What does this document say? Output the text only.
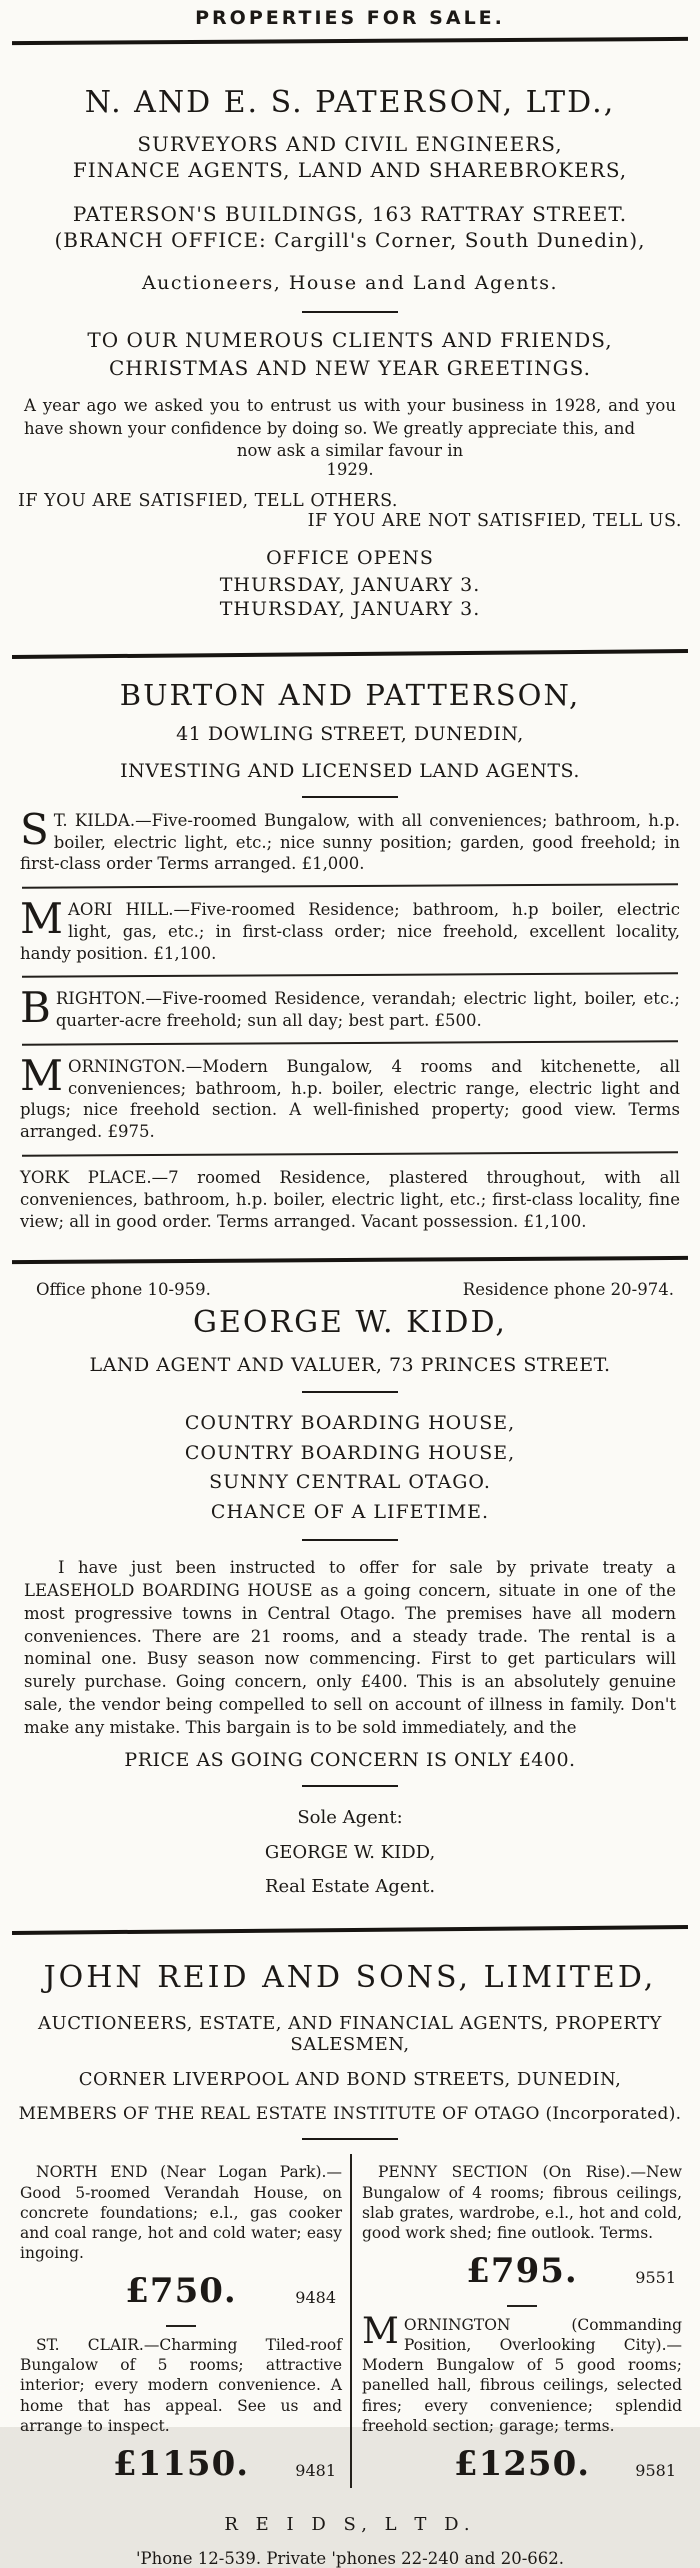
PROPERTIES FOR SALE.
N. AND E. S. PATERSON, LTD.,
SURVEYORS AND CIVIL ENGINEERS,
FINANCE AGENTS, LAND AND SHAREBROKERS,
PATERSON'S BUILDINGS, 163 RATTRAY STREET.
(BRANCH OFFICE: Cargill's Corner, South Dunedin),
Auctioneers, House and Land Agents.
TO OUR NUMEROUS CLIENTS AND FRIENDS,
CHRISTMAS AND NEW YEAR GREETINGS.

A year ago we asked you to entrust us with your business in 1928, and you have shown your confidence by doing so. We greatly appreciate this, and

now ask a similar favour in
1929.
IF YOU ARE SATISFIED, TELL OTHERS.
IF YOU ARE NOT SATISFIED, TELL US.
OFFICE OPENS
THURSDAY, JANUARY 3.
THURSDAY, JANUARY 3.
BURTON AND PATTERSON,
41 DOWLING STREET, DUNEDIN,
INVESTING AND LICENSED LAND AGENTS.

S T. KILDA.—Five-roomed Bungalow, with all conveniences; bathroom, h.p. boiler, electric light, etc.; nice sunny position; garden, good freehold; in first-class order Terms arranged. £1,000.

MAORI HILL.—Five-roomed Residence; bathroom, h.p boiler, electric light, gas, etc.; in first-class order; nice freehold, excellent locality, handy position. £1,100.

BRIGHTON.—Five-roomed Residence, verandah; electric light, boiler, etc.; quarter-acre freehold; sun all day; best part. £500.

MORNINGTON.—Modern Bungalow, 4 rooms and kitchenette, all conveniences; bathroom, h.p. boiler, electric range, electric light and plugs; nice freehold section. A well-finished property; good view. Terms arranged. £975.

YORK PLACE.—7 roomed Residence, plastered throughout, with all conveniences, bathroom, h.p. boiler, electric light, etc.; first-class locality, fine view; all in good order. Terms arranged. Vacant possession. £1,100.

Office phone 10-959.	Residence phone 20-974.
GEORGE W. KIDD,
LAND AGENT AND VALUER, 73 PRINCES STREET.
COUNTRY BOARDING HOUSE,
COUNTRY BOARDING HOUSE,
SUNNY CENTRAL OTAGO.
CHANCE OF A LIFETIME.

I have just been instructed to offer for sale by private treaty a LEASEHOLD BOARDING HOUSE as a going concern, situate in one of the most progressive towns in Central Otago. The premises have all modern conveniences. There are 21 rooms, and a steady trade. The rental is a nominal one. Busy season now commencing. First to get particulars will surely purchase. Going concern, only £400. This is an absolutely genuine sale, the vendor being compelled to sell on account of illness in family. Don't make any mistake. This bargain is to be sold immediately, and the

PRICE AS GOING CONCERN IS ONLY £400.
Sole Agent:
GEORGE W. KIDD,
Real Estate Agent.
JOHN REID AND SONS, LIMITED,
AUCTIONEERS, ESTATE, AND FINANCIAL AGENTS, PROPERTY SALESMEN,
CORNER LIVERPOOL AND BOND STREETS, DUNEDIN,
MEMBERS OF THE REAL ESTATE INSTITUTE OF OTAGO (Incorporated).

NORTH END (Near Logan Park).—Good 5-roomed Verandah House, on concrete foundations; e.l., gas cooker and coal range, hot and cold water; easy ingoing.

£750.	9484

ST. CLAIR.—Charming Tiled-roof Bungalow of 5 rooms; attractive interior; every modern convenience. A home that has appeal. See us and arrange to inspect.

£1150.	9481

PENNY SECTION (On Rise).—New Bungalow of 4 rooms; fibrous ceilings, slab grates, wardrobe, e.l., hot and cold, good work shed; fine outlook. Terms.

£795.	9551

MORNINGTON (Commanding Position, Overlooking City).—Modern Bungalow of 5 good rooms; panelled hall, fibrous ceilings, selected fires; every convenience; splendid freehold section; garage; terms.

£1250.	9581
R E I D S, L T D.
'Phone 12-539. Private 'phones 22-240 and 20-662.
